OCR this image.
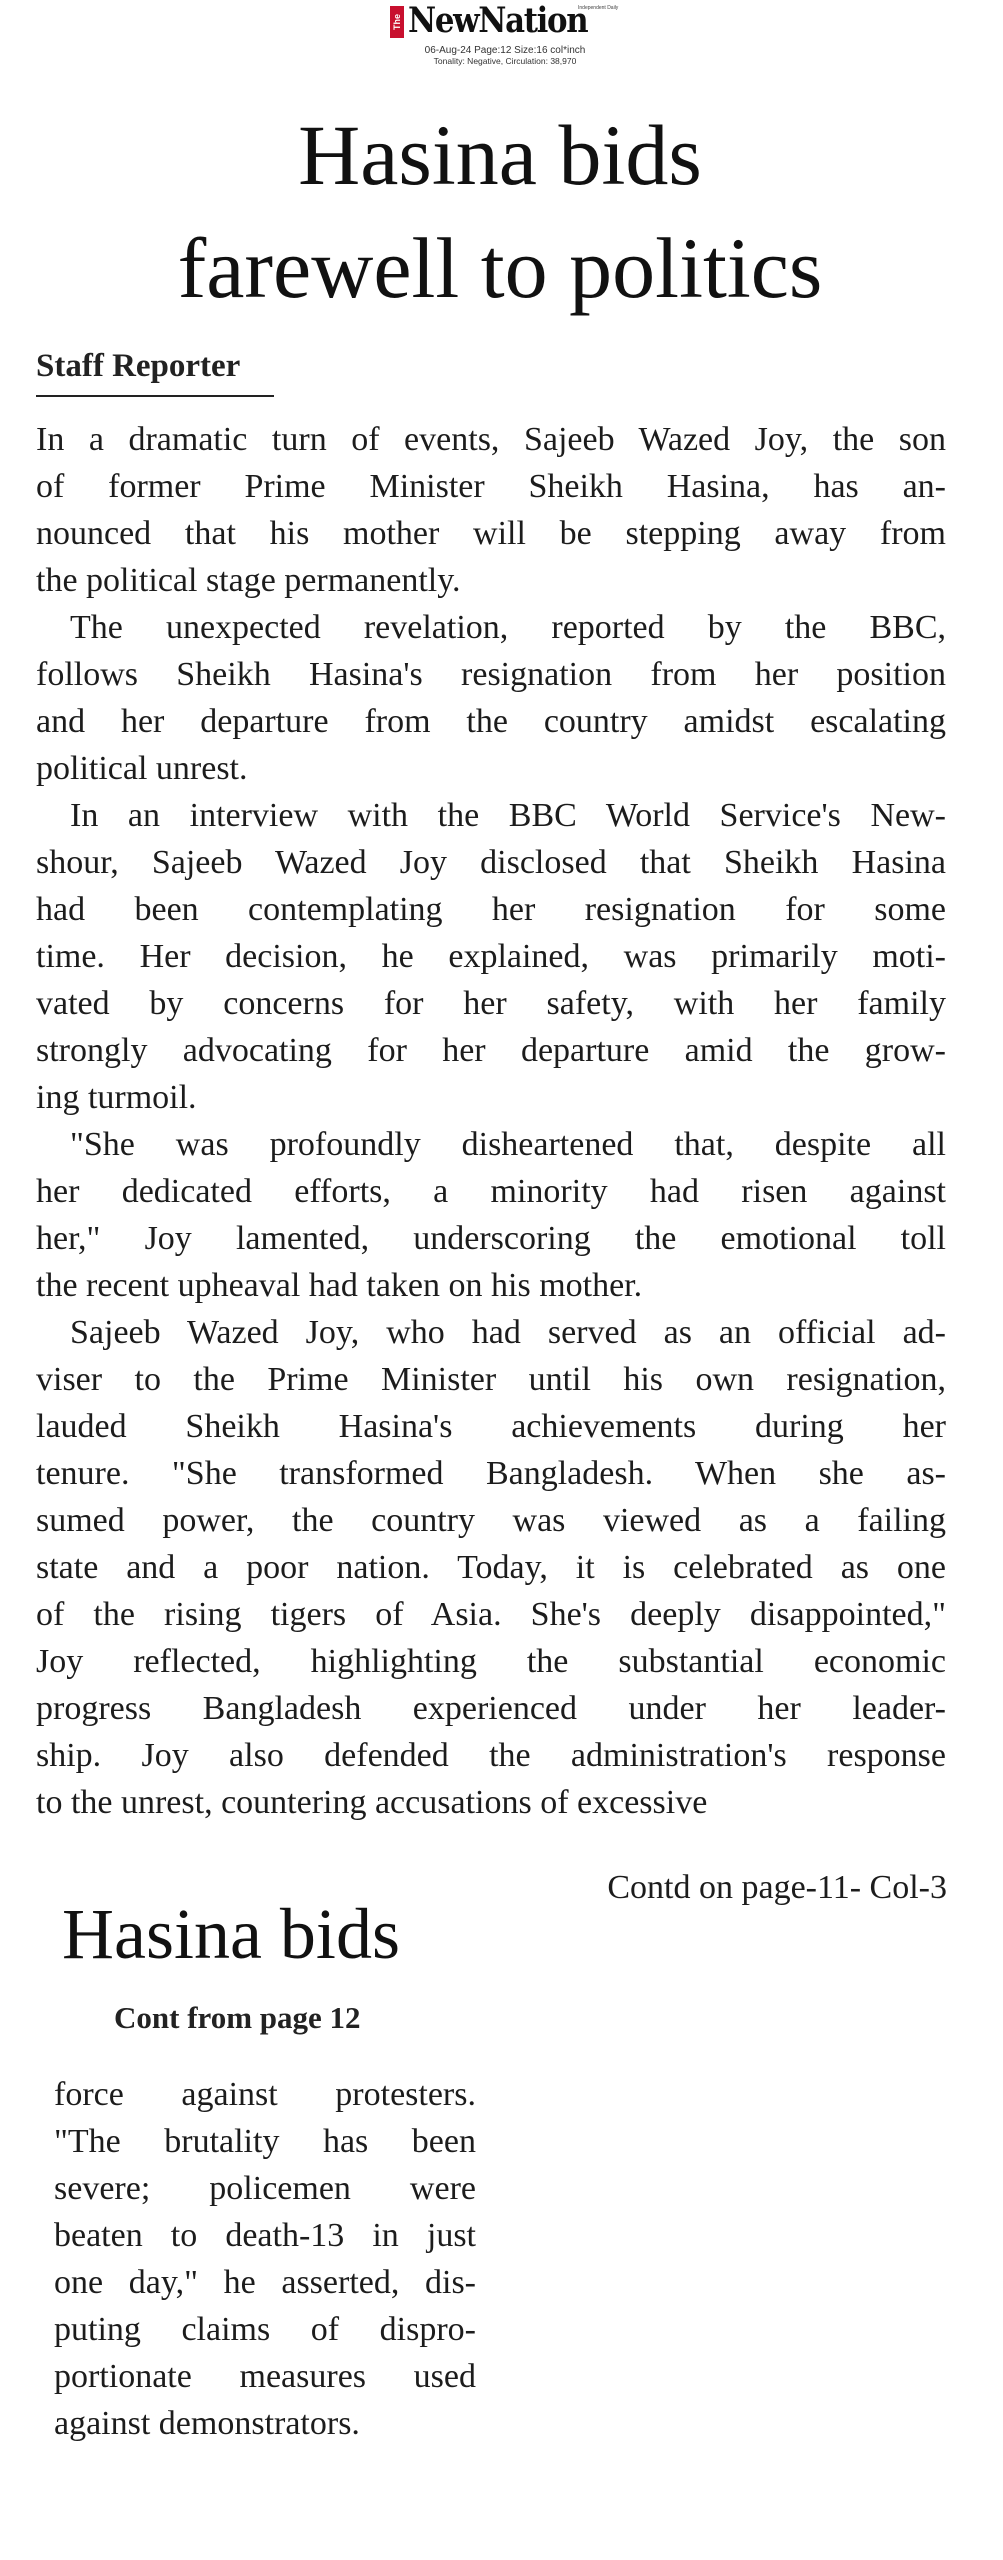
The NewNation
Independent Daily
06-Aug-24 Page:12 Size:16 col*inch
Tonality: Negative, Circulation: 38,970
Hasina bids
farewell to politics
Staff Reporter
In a dramatic turn of events, Sajeeb Wazed Joy, the son
of former Prime Minister Sheikh Hasina, has an-
nounced that his mother will be stepping away from
the political stage permanently.
The unexpected revelation, reported by the BBC,
follows Sheikh Hasina's resignation from her position
and her departure from the country amidst escalating
political unrest.
In an interview with the BBC World Service's New-
shour, Sajeeb Wazed Joy disclosed that Sheikh Hasina
had been contemplating her resignation for some
time. Her decision, he explained, was primarily moti-
vated by concerns for her safety, with her family
strongly advocating for her departure amid the grow-
ing turmoil.
"She was profoundly disheartened that, despite all
her dedicated efforts, a minority had risen against
her," Joy lamented, underscoring the emotional toll
the recent upheaval had taken on his mother.
Sajeeb Wazed Joy, who had served as an official ad-
viser to the Prime Minister until his own resignation,
lauded Sheikh Hasina's achievements during her
tenure. "She transformed Bangladesh. When she as-
sumed power, the country was viewed as a failing
state and a poor nation. Today, it is celebrated as one
of the rising tigers of Asia. She's deeply disappointed,"
Joy reflected, highlighting the substantial economic
progress Bangladesh experienced under her leader-
ship. Joy also defended the administration's response
to the unrest, countering accusations of excessive
Contd on page-11- Col-3
Hasina bids
Cont from page 12
force against protesters.
"The brutality has been
severe; policemen were
beaten to death-13 in just
one day," he asserted, dis-
puting claims of dispro-
portionate measures used
against demonstrators.
